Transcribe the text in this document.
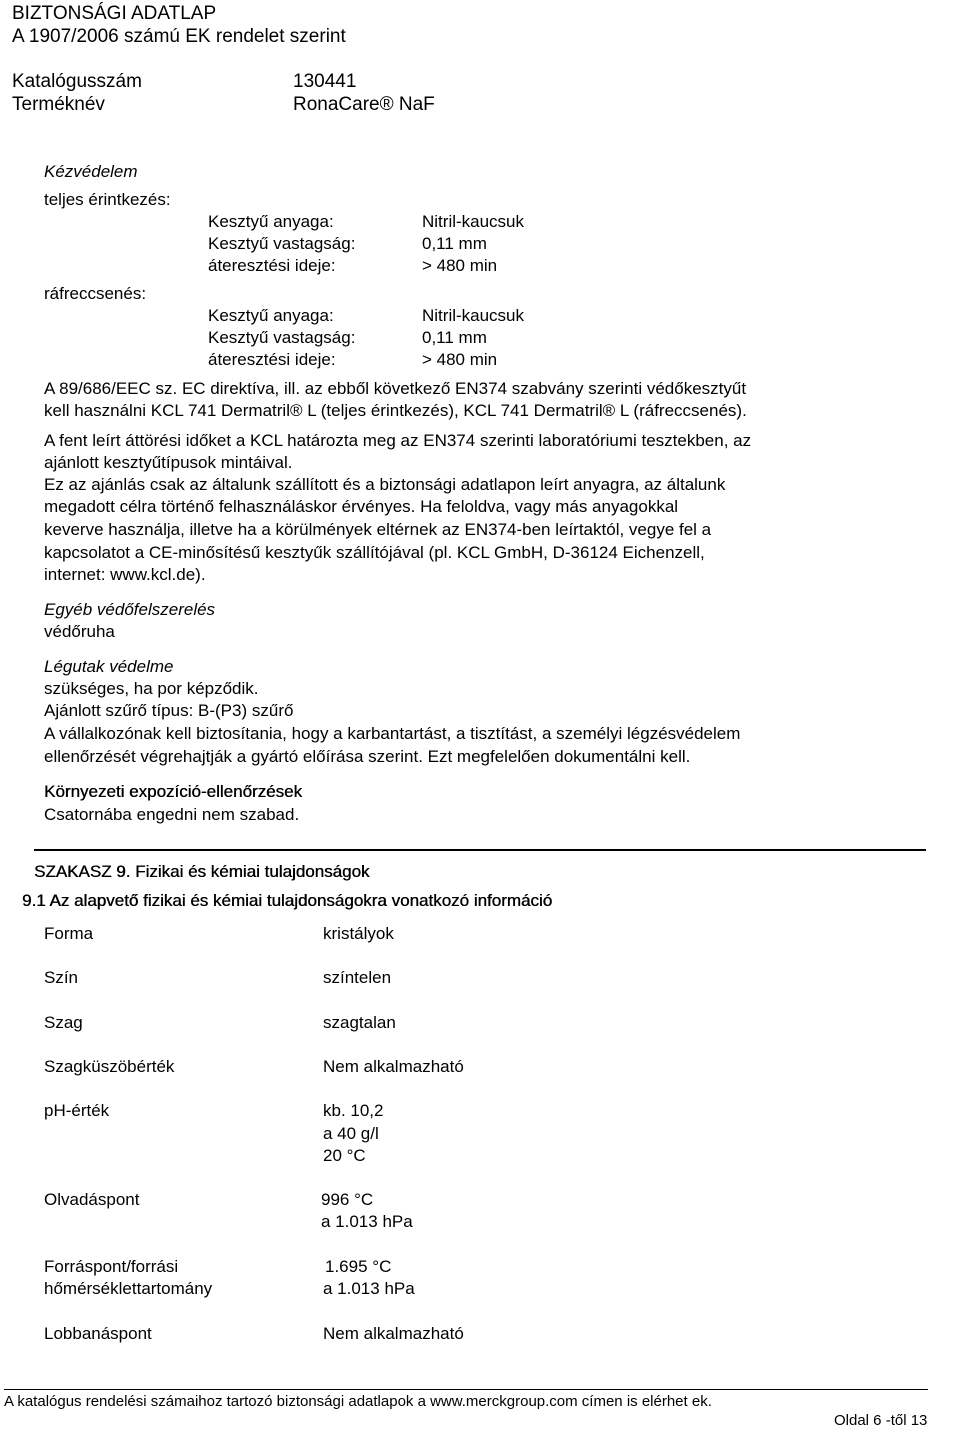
BIZTONSÁGI ADATLAP
A 1907/2006 számú EK rendelet szerint
Katalógusszám	130441
Terméknév	RonaCare® NaF
Kézvédelem
teljes érintkezés:
Kesztyű anyaga:	Nitril-kaucsuk
Kesztyű vastagság:	0,11 mm
áteresztési ideje:	> 480 min
ráfreccsenés:
Kesztyű anyaga:	Nitril-kaucsuk
Kesztyű vastagság:	0,11 mm
áteresztési ideje:	> 480 min
A 89/686/EEC sz. EC direktíva, ill. az ebből következő EN374 szabvány szerinti védőkesztyűt
kell használni KCL 741 Dermatril® L (teljes érintkezés), KCL 741 Dermatril® L (ráfreccsenés).
A fent leírt áttörési időket a KCL határozta meg az EN374 szerinti laboratóriumi tesztekben, az
ajánlott kesztyűtípusok mintáival.
Ez az ajánlás csak az általunk szállított és a biztonsági adatlapon leírt anyagra, az általunk
megadott célra történő felhasználáskor érvényes. Ha feloldva, vagy más anyagokkal
keverve használja, illetve ha a körülmények eltérnek az EN374-ben leírtaktól, vegye fel a
kapcsolatot a CE-minősítésű kesztyűk szállítójával (pl. KCL GmbH, D-36124 Eichenzell,
internet: www.kcl.de).
Egyéb védőfelszerelés
védőruha
Légutak védelme
szükséges, ha por képződik.
Ajánlott szűrő típus: B-(P3) szűrő
A vállalkozónak kell biztosítania, hogy a karbantartást, a tisztítást, a személyi légzésvédelem
ellenőrzését végrehajtják a gyártó előírása szerint. Ezt megfelelően dokumentálni kell.
Környezeti expozíció-ellenőrzések
Csatornába engedni nem szabad.
SZAKASZ 9. Fizikai és kémiai tulajdonságok
9.1 Az alapvető fizikai és kémiai tulajdonságokra vonatkozó információ
Forma	kristályok
Szín	színtelen
Szag	szagtalan
Szagküszöbérték	Nem alkalmazható
pH-érték	kb. 10,2
a 40 g/l
20 °C
Olvadáspont	996 °C
a 1.013 hPa
Forráspont/forrási
hőmérséklettartomány
1.695 °C
a 1.013 hPa
Lobbanáspont	Nem alkalmazható
A katalógus rendelési számaihoz tartozó biztonsági adatlapok a www.merckgroup.com címen is elérhet ek.
Oldal 6 -től 13
